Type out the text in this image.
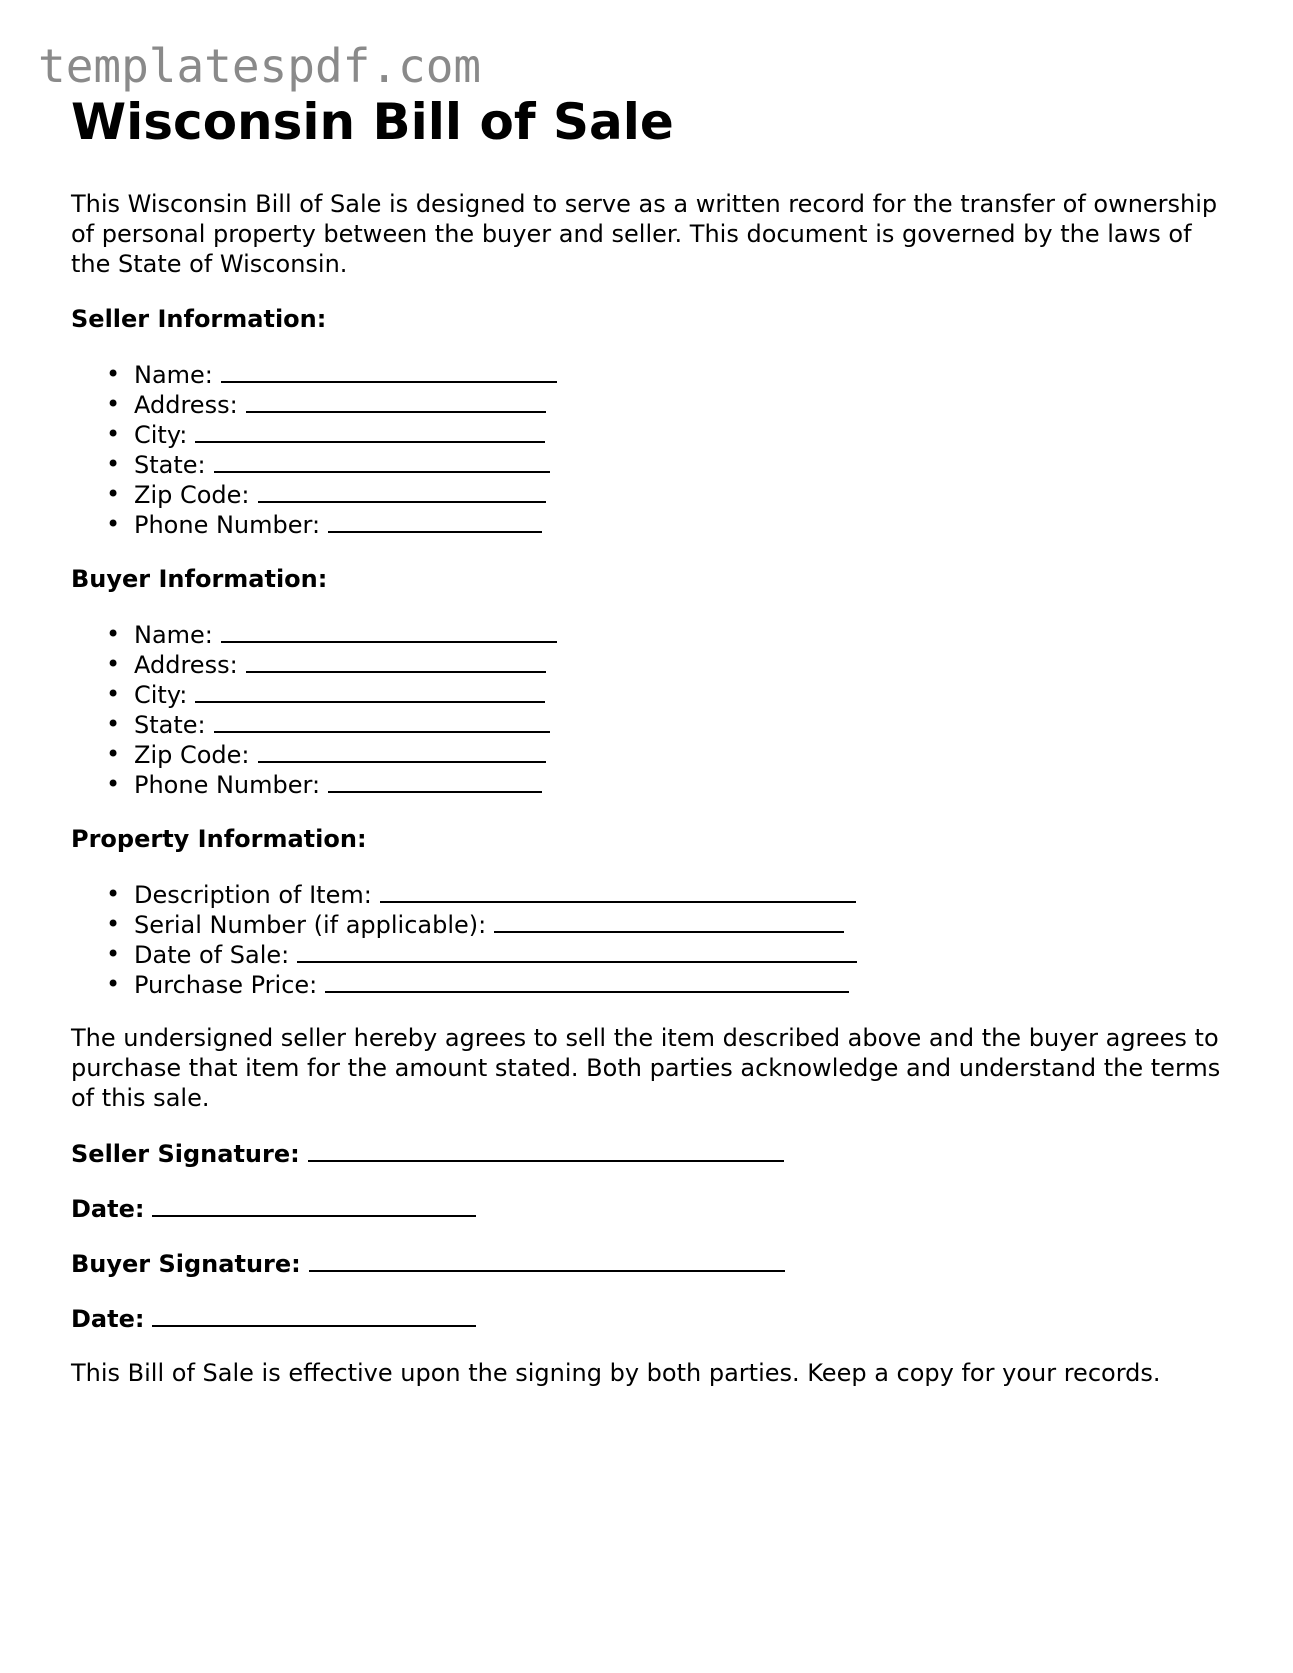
templatespdf.com
Wisconsin Bill of Sale

This Wisconsin Bill of Sale is designed to serve as a written record for the transfer of ownership of personal property between the buyer and seller. This document is governed by the laws of the State of Wisconsin.

Seller Information:

• Name:
• Address:
• City:
• State:
• Zip Code:
• Phone Number:

Buyer Information:

• Name:
• Address:
• City:
• State:
• Zip Code:
• Phone Number:

Property Information:

• Description of Item:
• Serial Number (if applicable):
• Date of Sale:
• Purchase Price:

The undersigned seller hereby agrees to sell the item described above and the buyer agrees to purchase that item for the amount stated. Both parties acknowledge and understand the terms of this sale.

Seller Signature:

Date:

Buyer Signature:

Date:

This Bill of Sale is effective upon the signing by both parties. Keep a copy for your records.
